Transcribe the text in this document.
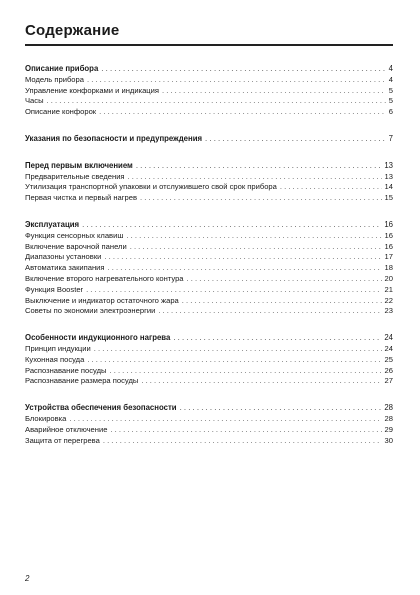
Содержание
Описание прибора . . .	4
Модель прибора . . .	4
Управление конфорками и индикация . . .	5
Часы . . .	5
Описание конфорок . . .	6
Указания по безопасности и предупреждения . . .	7
Перед первым включением . . .	13
Предварительные сведения . . .	13
Утилизация транспортной упаковки и отслужившего свой срок прибора . . .	14
Первая чистка и первый нагрев . . .	15
Эксплуатация . . .	16
Функция сенсорных клавиш . . .	16
Включение варочной панели . . .	16
Диапазоны установки . . .	17
Автоматика закипания . . .	18
Включение второго нагревательного контура . . .	20
Функция Booster . . .	21
Выключение и индикатор остаточного жара . . .	22
Советы по экономии электроэнергии . . .	23
Особенности индукционного нагрева . . .	24
Принцип индукции . . .	24
Кухонная посуда . . .	25
Распознавание посуды . . .	26
Распознавание размера посуды . . .	27
Устройства обеспечения безопасности . . .	28
Блокировка . . .	28
Аварийное отключение . . .	29
Защита от перегрева . . .	30
2
